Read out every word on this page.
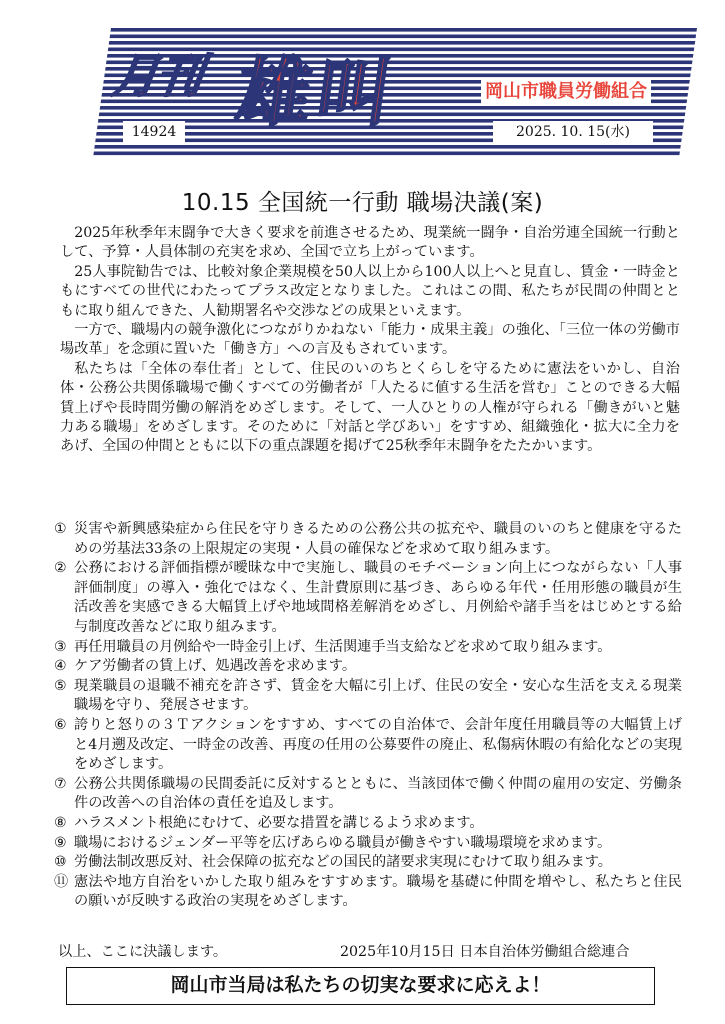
月刊 雄叫	岡山市職員労働組合
14924	2025. 10. 15(水)
10.15 全国統一行動 職場決議(案)

2025年秋季年末闘争で大きく要求を前進させるため、現業統一闘争・自治労連全国統一行動として、予算・人員体制の充実を求め、全国で立ち上がっています。

25人事院勧告では、比較対象企業規模を50人以上から100人以上へと見直し、賃金・一時金ともにすべての世代にわたってプラス改定となりました。これはこの間、私たちが民間の仲間とともに取り組んできた、人勧期署名や交渉などの成果といえます。

一方で、職場内の競争激化につながりかねない「能力・成果主義」の強化、「三位一体の労働市場改革」を念頭に置いた「働き方」への言及もされています。

私たちは「全体の奉仕者」として、住民のいのちとくらしを守るために憲法をいかし、自治体・公務公共関係職場で働くすべての労働者が「人たるに値する生活を営む」ことのできる大幅賃上げや長時間労働の解消をめざします。そして、一人ひとりの人権が守られる「働きがいと魅力ある職場」をめざします。そのために「対話と学びあい」をすすめ、組織強化・拡大に全力をあげ、全国の仲間とともに以下の重点課題を掲げて25秋季年末闘争をたたかいます。

① 災害や新興感染症から住民を守りきるための公務公共の拡充や、職員のいのちと健康を守るための労基法33条の上限規定の実現・人員の確保などを求めて取り組みます。
② 公務における評価指標が曖昧な中で実施し、職員のモチベーション向上につながらない「人事評価制度」の導入・強化ではなく、生計費原則に基づき、あらゆる年代・任用形態の職員が生活改善を実感できる大幅賃上げや地域間格差解消をめざし、月例給や諸手当をはじめとする給与制度改善などに取り組みます。
③ 再任用職員の月例給や一時金引上げ、生活関連手当支給などを求めて取り組みます。
④ ケア労働者の賃上げ、処遇改善を求めます。
⑤ 現業職員の退職不補充を許さず、賃金を大幅に引上げ、住民の安全・安心な生活を支える現業職場を守り、発展させます。
⑥ 誇りと怒りの３Ｔアクションをすすめ、すべての自治体で、会計年度任用職員等の大幅賃上げと4月遡及改定、一時金の改善、再度の任用の公募要件の廃止、私傷病休暇の有給化などの実現をめざします。
⑦ 公務公共関係職場の民間委託に反対するとともに、当該団体で働く仲間の雇用の安定、労働条件の改善への自治体の責任を追及します。
⑧ ハラスメント根絶にむけて、必要な措置を講じるよう求めます。
⑨ 職場におけるジェンダー平等を広げあらゆる職員が働きやすい職場環境を求めます。
⑩ 労働法制改悪反対、社会保障の拡充などの国民的諸要求実現にむけて取り組みます。
⑪ 憲法や地方自治をいかした取り組みをすすめます。職場を基礎に仲間を増やし、私たちと住民の願いが反映する政治の実現をめざします。
以上、ここに決議します。	2025年10月15日 日本自治体労働組合総連合
岡山市当局は私たちの切実な要求に応えよ！
